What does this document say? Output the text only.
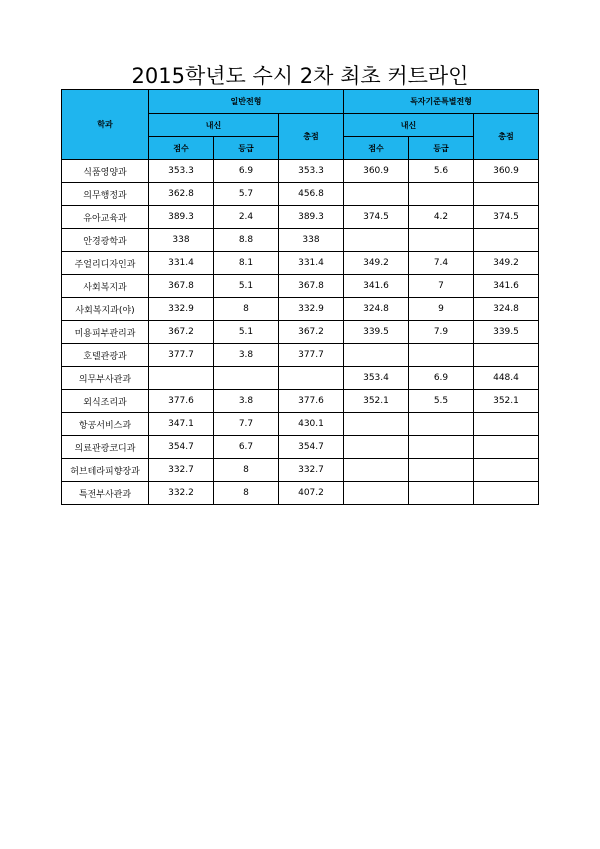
2015학년도 수시 2차 최초 커트라인
학과	일반전형			독자기준특별전형		
	내신		총점	내신		총점
	점수	등급		점수	등급	
식품영양과	353.3	6.9	353.3	360.9	5.6	360.9
의무행정과	362.8	5.7	456.8			
유아교육과	389.3	2.4	389.3	374.5	4.2	374.5
안경광학과	338	8.8	338			
주얼리디자인과	331.4	8.1	331.4	349.2	7.4	349.2
사회복지과	367.8	5.1	367.8	341.6	7	341.6
사회복지과(야)	332.9	8	332.9	324.8	9	324.8
미용피부관리과	367.2	5.1	367.2	339.5	7.9	339.5
호텔관광과	377.7	3.8	377.7			
의무부사관과				353.4	6.9	448.4
외식조리과	377.6	3.8	377.6	352.1	5.5	352.1
항공서비스과	347.1	7.7	430.1			
의료관광코디과	354.7	6.7	354.7			
허브테라피향장과	332.7	8	332.7			
특전부사관과	332.2	8	407.2			
